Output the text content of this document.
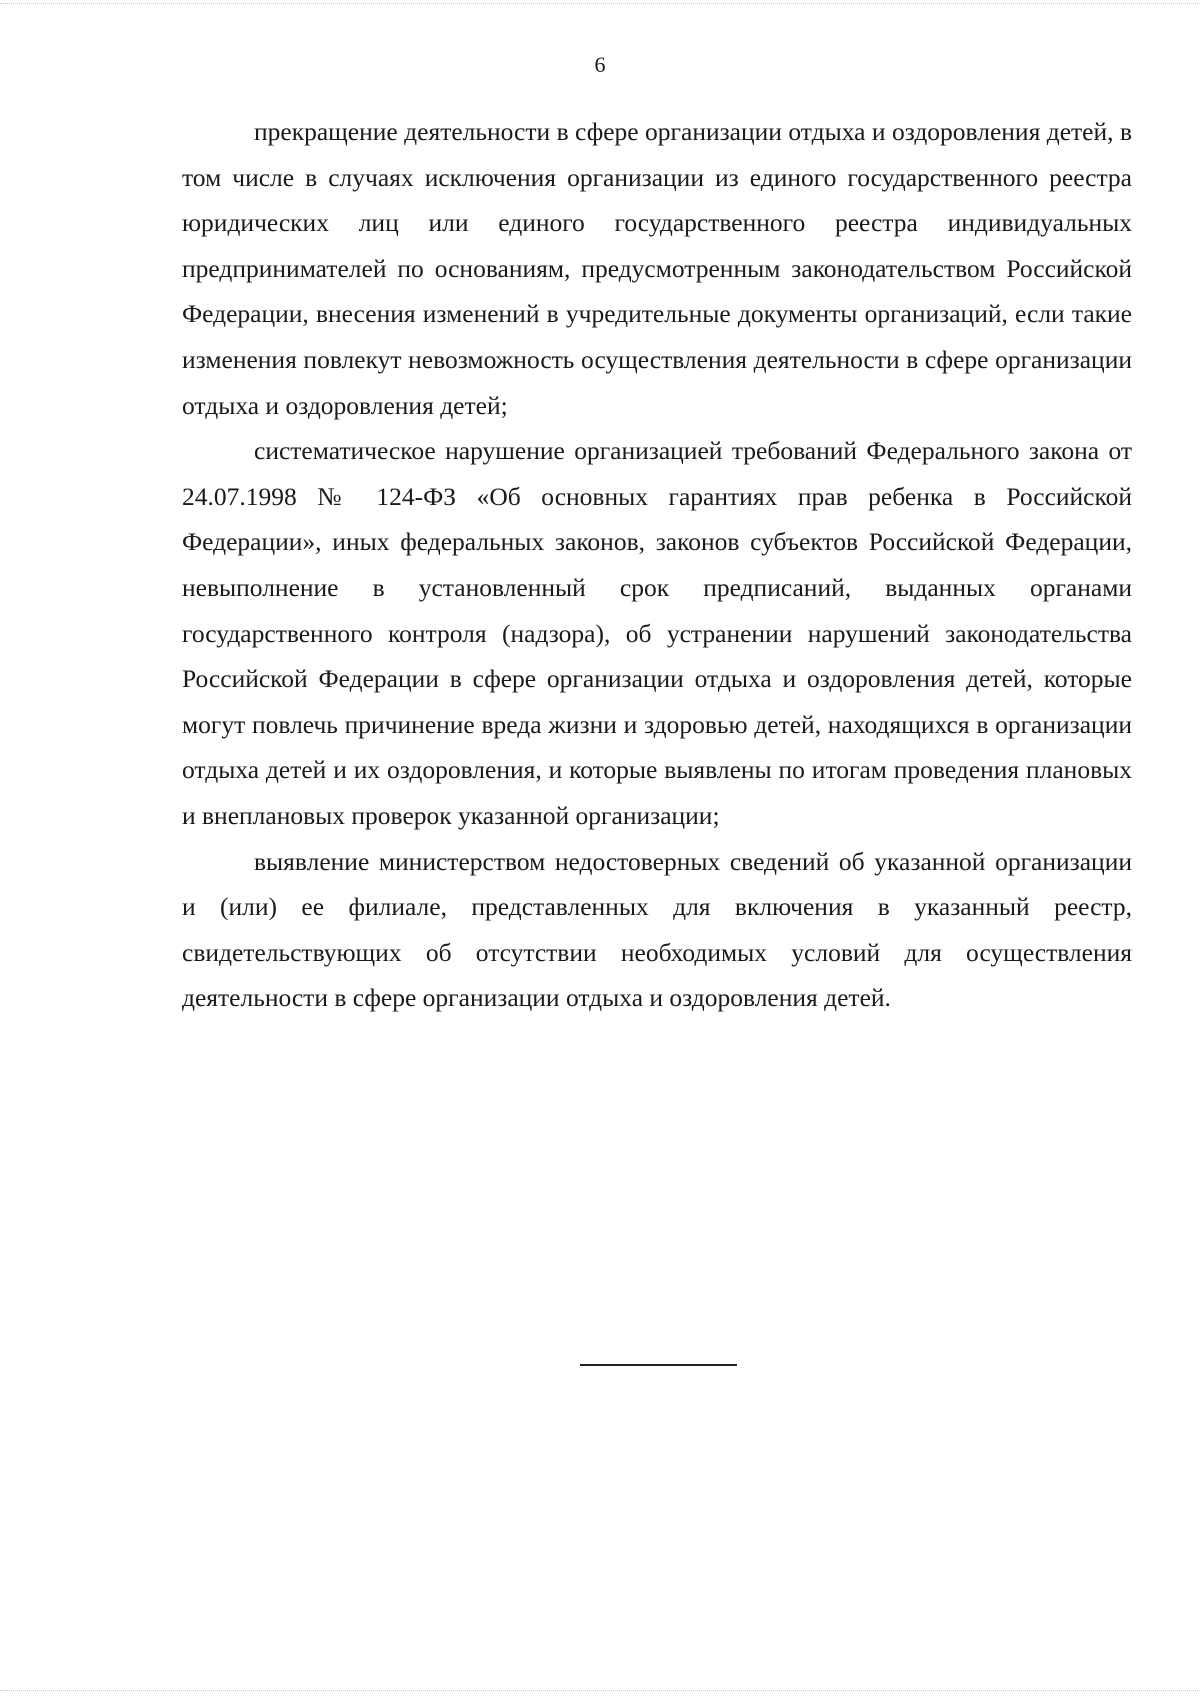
6

прекращение деятельности в сфере организации отдыха и оздоровления детей, в том числе в случаях исключения организации из единого государственного реестра юридических лиц или единого государственного реестра индивидуальных предпринимателей по основаниям, предусмотренным законодательством Российской Федерации, внесения изменений в учредительные документы организаций, если такие изменения повлекут невозможность осуществления деятельности в сфере организации отдыха и оздоровления детей;

систематическое нарушение организацией требований Федерального закона от 24.07.1998 № 124-ФЗ «Об основных гарантиях прав ребенка в Российской Федерации», иных федеральных законов, законов субъектов Российской Федерации, невыполнение в установленный срок предписаний, выданных органами государственного контроля (надзора), об устранении нарушений законодательства Российской Федерации в сфере организации отдыха и оздоровления детей, которые могут повлечь причинение вреда жизни и здоровью детей, находящихся в организации отдыха детей и их оздоровления, и которые выявлены по итогам проведения плановых и внеплановых проверок указанной организации;

выявление министерством недостоверных сведений об указанной организации и (или) ее филиале, представленных для включения в указанный реестр, свидетельствующих об отсутствии необходимых условий для осуществления деятельности в сфере организации отдыха и оздоровления детей.
